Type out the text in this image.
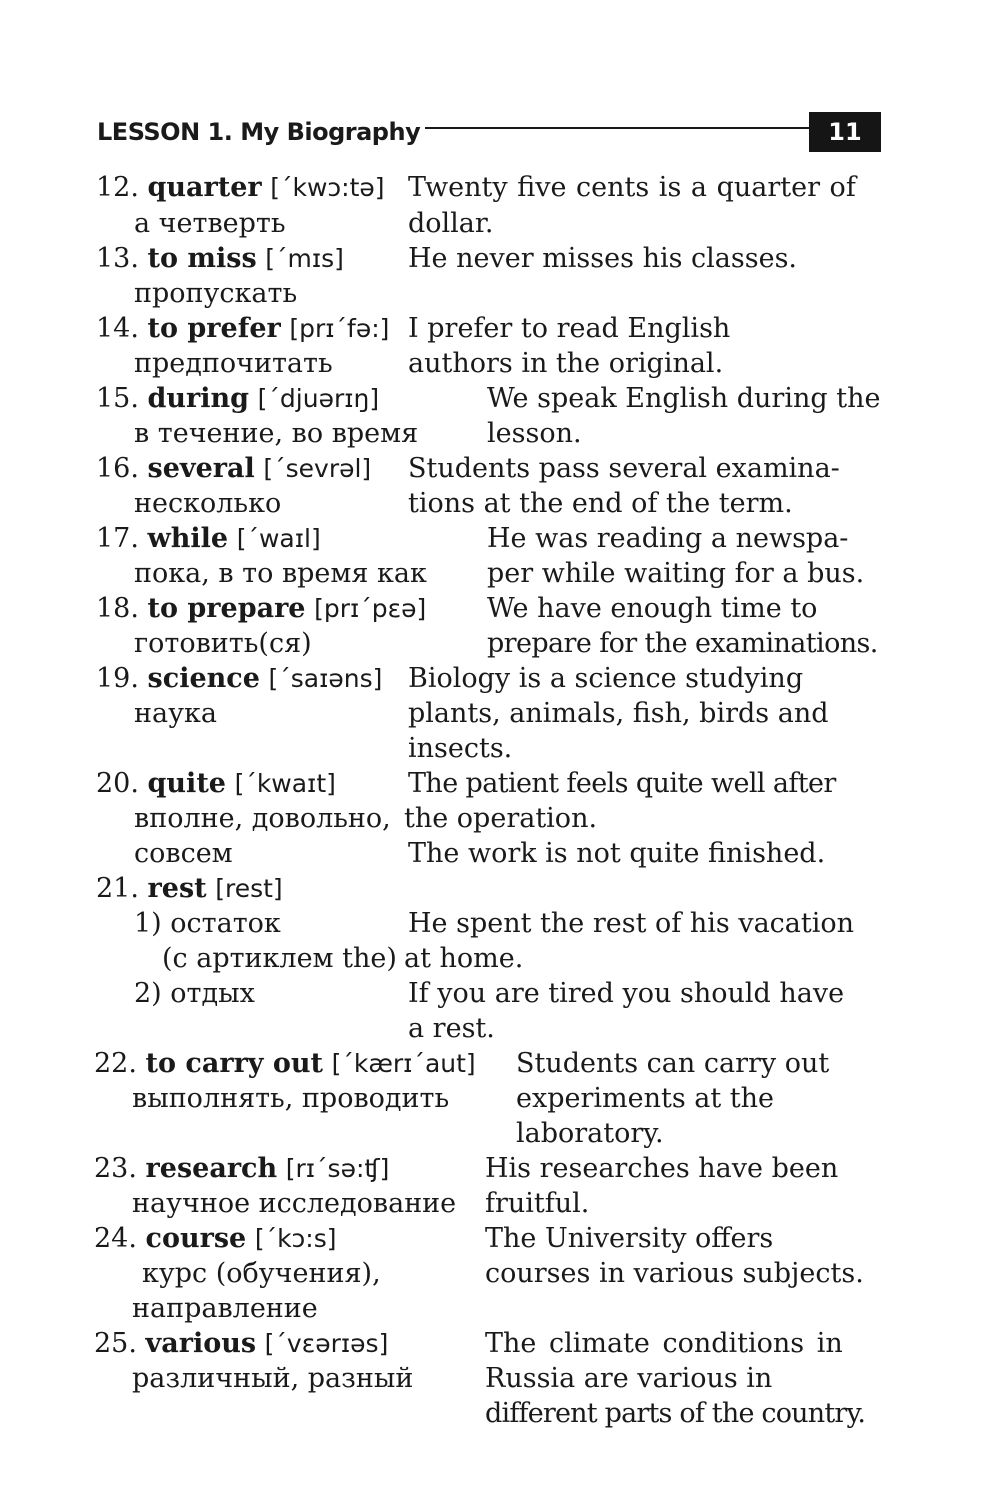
LESSON 1. My Biography	11
12. quarter [΄kwɔ:tə]
а четверть
Twenty five cents is a quarter of
dollar.
13. to miss [΄mɪs]
пропускать
He never misses his classes.
14. to prefer [prɪ΄fə:]
предпочитать
I prefer to read English
authors in the original.
15. during [΄djuərɪŋ]
в течение, во время
We speak English during the
lesson.
16. several [΄sevrəl]
несколько
Students pass several examina-
tions at the end of the term.
17. while [΄waɪl]
пока, в то время как
He was reading a newspa-
per while waiting for a bus.
18. to prepare [prɪ΄pεə]
готовить(ся)
We have enough time to
prepare for the examinations.
19. science [΄saɪəns]
наука
Biology is a science studying
plants, animals, fish, birds and
insects.
20. quite [΄kwaɪt]
вполне, довольно,
совсем
The patient feels quite well after
the operation.
The work is not quite finished.
21. rest [rest]
1) остаток
(с артиклем the)
He spent the rest of his vacation
at home.
2) отдых	If you are tired you should have
a rest.
22. to carry out [΄kærɪ΄aut]
выполнять, проводить
Students can carry out
experiments at the
laboratory.
23. research [rɪ΄sə:ʧ]
научное исследование
His researches have been
fruitful.
24. course [΄kɔ:s]
курс (обучения),
направление
The University offers
courses in various subjects.
25. various [΄vεərɪəs]
различный, разный
The climate conditions in
Russia are various in
different parts of the country.
